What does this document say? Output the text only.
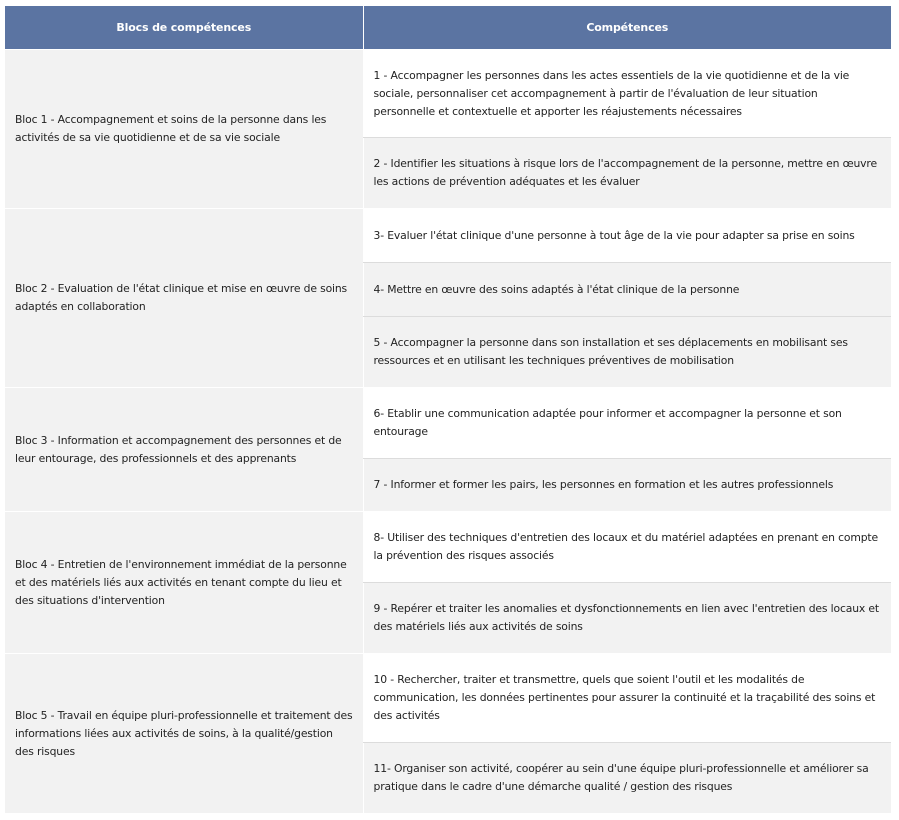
Blocs de compétences	Compétences
Bloc 1 - Accompagnement et soins de la personne dans les activités de sa vie quotidienne et de sa vie sociale	1 - Accompagner les personnes dans les actes essentiels de la vie quotidienne et de la vie sociale, personnaliser cet accompagnement à partir de l'évaluation de leur situation personnelle et contextuelle et apporter les réajustements nécessaires
	2 - Identifier les situations à risque lors de l'accompagnement de la personne, mettre en œuvre les actions de prévention adéquates et les évaluer
Bloc 2 - Evaluation de l'état clinique et mise en œuvre de soins adaptés en collaboration	3- Evaluer l'état clinique d'une personne à tout âge de la vie pour adapter sa prise en soins
	4- Mettre en œuvre des soins adaptés à l'état clinique de la personne
	5 - Accompagner la personne dans son installation et ses déplacements en mobilisant ses ressources et en utilisant les techniques préventives de mobilisation
Bloc 3 - Information et accompagnement des personnes et de leur entourage, des professionnels et des apprenants	6- Etablir une communication adaptée pour informer et accompagner la personne et son entourage
	7 - Informer et former les pairs, les personnes en formation et les autres professionnels
Bloc 4 - Entretien de l'environnement immédiat de la personne et des matériels liés aux activités en tenant compte du lieu et des situations d'intervention	8- Utiliser des techniques d'entretien des locaux et du matériel adaptées en prenant en compte la prévention des risques associés
	9 - Repérer et traiter les anomalies et dysfonctionnements en lien avec l'entretien des locaux et des matériels liés aux activités de soins
Bloc 5 - Travail en équipe pluri-professionnelle et traitement des informations liées aux activités de soins, à la qualité/gestion des risques	10 - Rechercher, traiter et transmettre, quels que soient l'outil et les modalités de communication, les données pertinentes pour assurer la continuité et la traçabilité des soins et des activités
	11- Organiser son activité, coopérer au sein d'une équipe pluri-professionnelle et améliorer sa pratique dans le cadre d'une démarche qualité / gestion des risques
